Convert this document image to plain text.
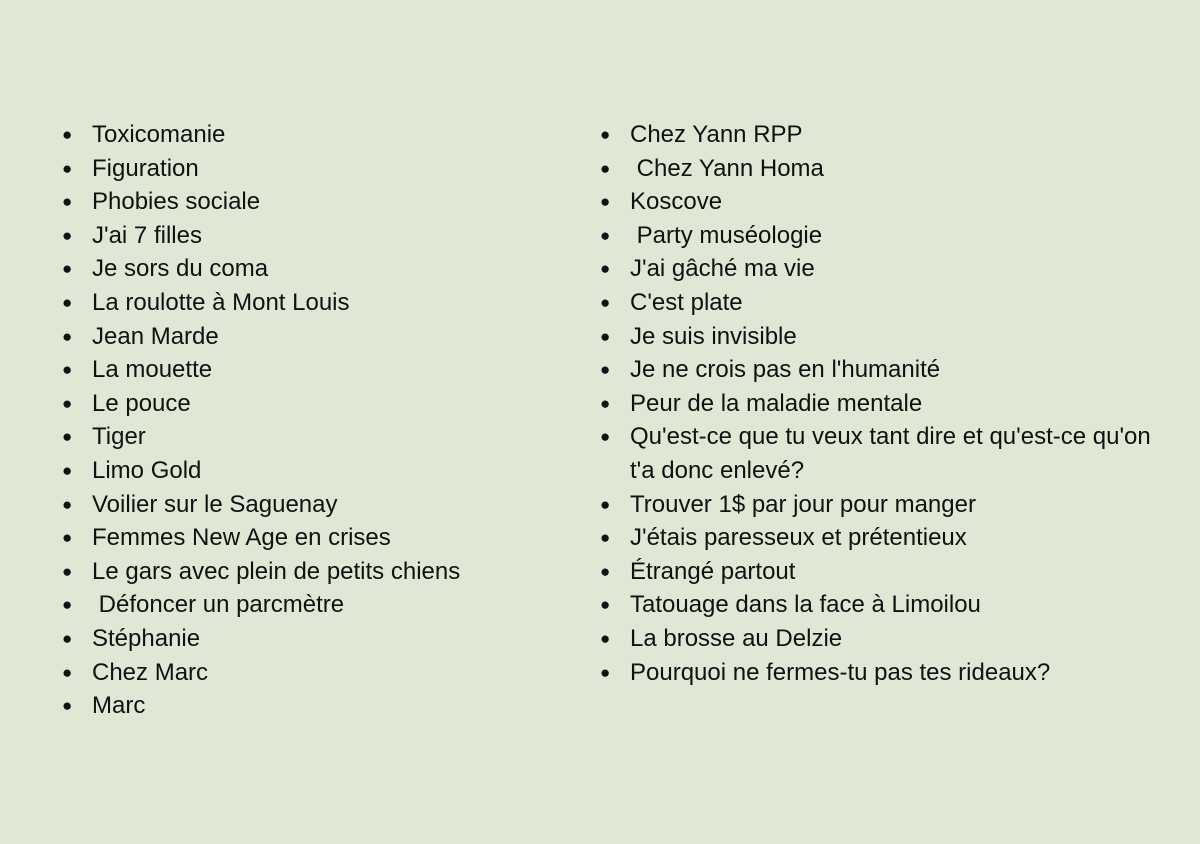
● Toxicomanie
● Figuration
● Phobies sociale
● J'ai 7 filles
● Je sors du coma
● La roulotte à Mont Louis
● Jean Marde
● La mouette
● Le pouce
● Tiger
● Limo Gold
● Voilier sur le Saguenay
● Femmes New Age en crises
● Le gars avec plein de petits chiens
● Défoncer un parcmètre
● Stéphanie
● Chez Marc
● Marc
● Chez Yann RPP
● Chez Yann Homa
● Koscove
● Party muséologie
● J'ai gâché ma vie
● C'est plate
● Je suis invisible
● Je ne crois pas en l'humanité
● Peur de la maladie mentale
● Qu'est-ce que tu veux tant dire et qu'est-ce qu'on t'a donc enlevé?
● Trouver 1$ par jour pour manger
● J'étais paresseux et prétentieux
● Étrangé partout
● Tatouage dans la face à Limoilou
● La brosse au Delzie
● Pourquoi ne fermes-tu pas tes rideaux?
